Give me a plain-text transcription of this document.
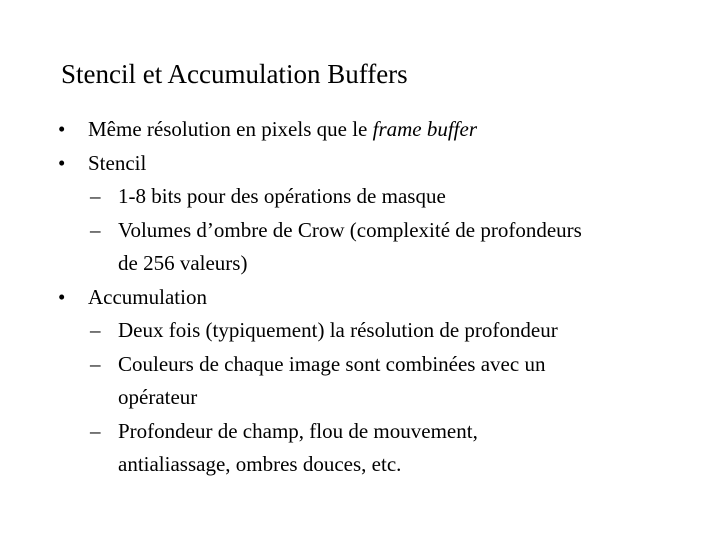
Stencil et Accumulation Buffers
• Même résolution en pixels que le frame buffer
• Stencil
– 1-8 bits pour des opérations de masque
– Volumes d’ombre de Crow (complexité de profondeurs
de 256 valeurs)
• Accumulation
– Deux fois (typiquement) la résolution de profondeur
– Couleurs de chaque image sont combinées avec un
opérateur
– Profondeur de champ, flou de mouvement,
antialiassage, ombres douces, etc.
